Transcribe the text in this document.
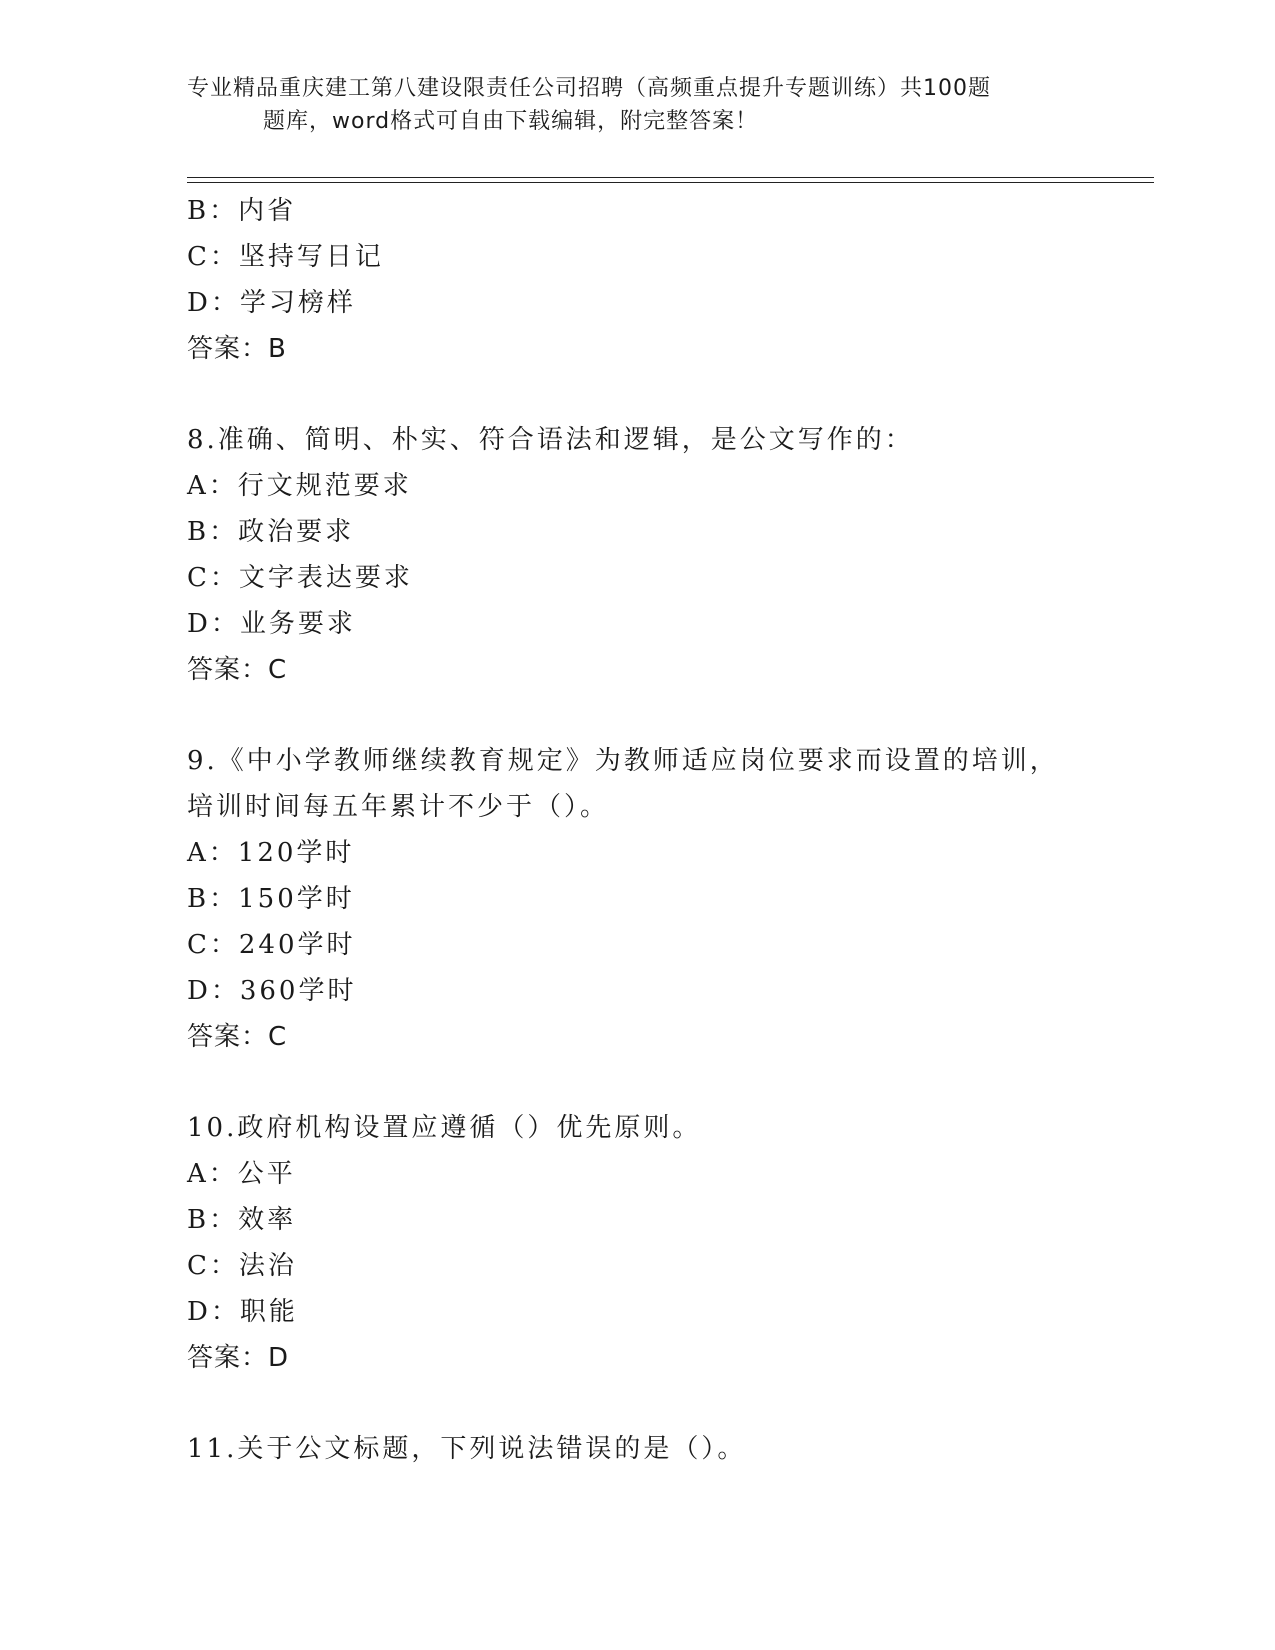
专业精品重庆建工第八建设限责任公司招聘（高频重点提升专题训练）共100题
题库，word格式可自由下载编辑，附完整答案！
B：内省
C：坚持写日记
D：学习榜样
答案：B
8.准确、简明、朴实、符合语法和逻辑，是公文写作的：
A：行文规范要求
B：政治要求
C：文字表达要求
D：业务要求
答案：C
9.《中小学教师继续教育规定》为教师适应岗位要求而设置的培训，
培训时间每五年累计不少于（）。
A：120学时
B：150学时
C：240学时
D：360学时
答案：C
10.政府机构设置应遵循（）优先原则。
A：公平
B：效率
C：法治
D：职能
答案：D
11.关于公文标题，下列说法错误的是（）。
